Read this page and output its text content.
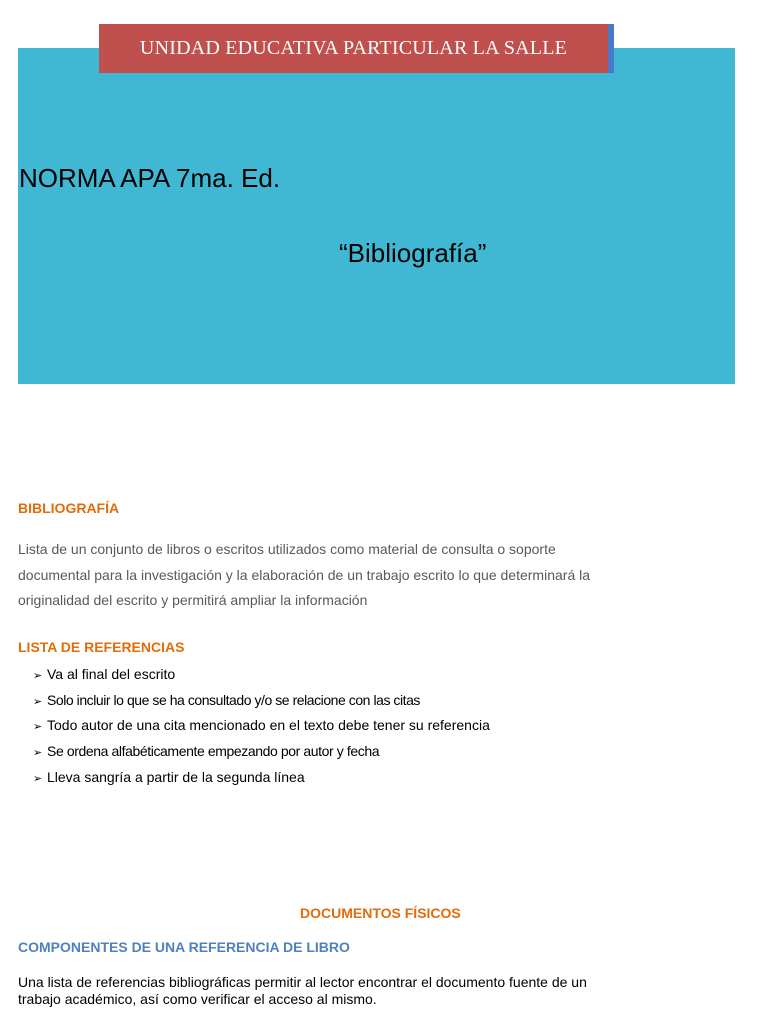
UNIDAD EDUCATIVA PARTICULAR LA SALLE
NORMA APA 7ma. Ed.
“Bibliografía”
BIBLIOGRAFÍA
Lista de un conjunto de libros o escritos utilizados como material de consulta o soporte documental para la investigación y la elaboración de un trabajo escrito lo que determinará la originalidad del escrito y permitirá ampliar la información
LISTA DE REFERENCIAS
➢ Va al final del escrito
➢ Solo incluir lo que se ha consultado y/o se relacione con las citas
➢ Todo autor de una cita mencionado en el texto debe tener su referencia
➢ Se ordena alfabéticamente empezando por autor y fecha
➢ Lleva sangría a partir de la segunda línea
DOCUMENTOS FÍSICOS
COMPONENTES DE UNA REFERENCIA DE LIBRO
Una lista de referencias bibliográficas permitir al lector encontrar el documento fuente de un trabajo académico, así como verificar el acceso al mismo.
